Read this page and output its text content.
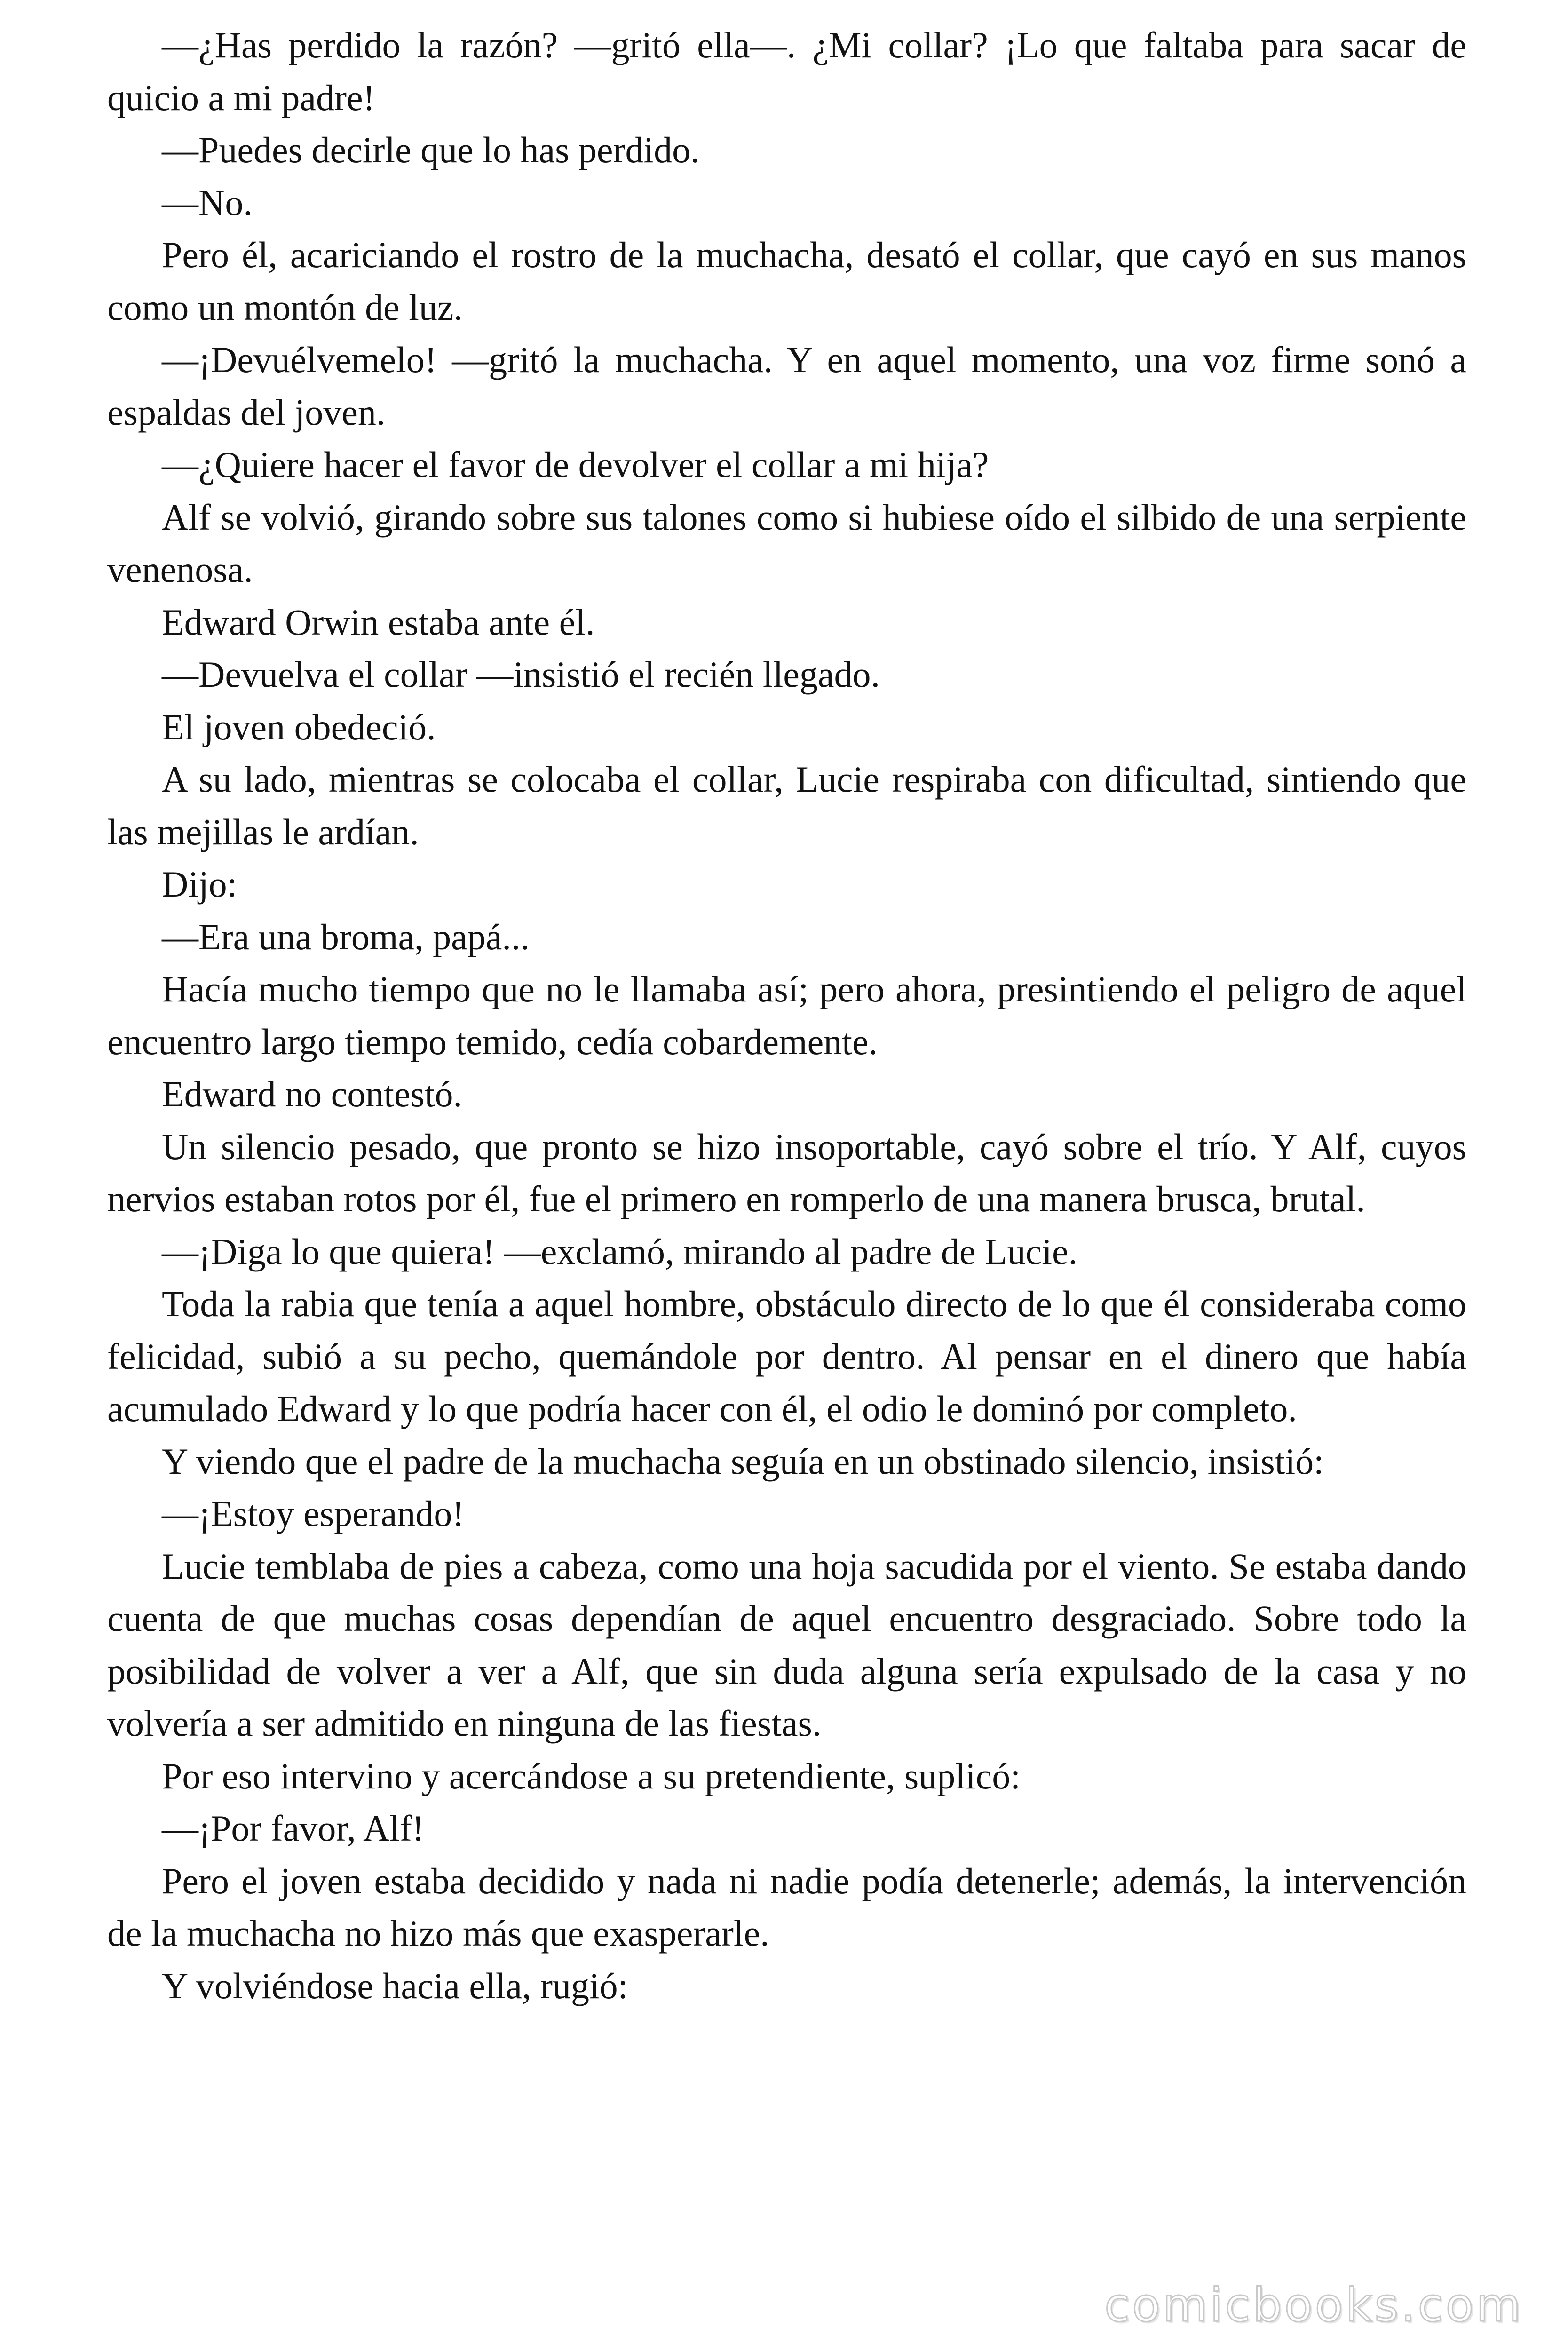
—¿Has perdido la razón? —gritó ella—. ¿Mi collar? ¡Lo que faltaba para sacar de quicio a mi padre!

—Puedes decirle que lo has perdido.

—No.

Pero él, acariciando el rostro de la muchacha, desató el collar, que cayó en sus manos como un montón de luz.

—¡Devuélvemelo! —gritó la muchacha. Y en aquel momento, una voz firme sonó a espaldas del joven.

—¿Quiere hacer el favor de devolver el collar a mi hija?

Alf se volvió, girando sobre sus talones como si hubiese oído el silbido de una serpiente venenosa.

Edward Orwin estaba ante él.

—Devuelva el collar —insistió el recién llegado.

El joven obedeció.

A su lado, mientras se colocaba el collar, Lucie respiraba con dificultad, sintiendo que las mejillas le ardían.

Dijo:

—Era una broma, papá...

Hacía mucho tiempo que no le llamaba así; pero ahora, presintiendo el peligro de aquel encuentro largo tiempo temido, cedía cobardemente.

Edward no contestó.

Un silencio pesado, que pronto se hizo insoportable, cayó sobre el trío. Y Alf, cuyos nervios estaban rotos por él, fue el primero en romperlo de una manera brusca, brutal.

—¡Diga lo que quiera! —exclamó, mirando al padre de Lucie.

Toda la rabia que tenía a aquel hombre, obstáculo directo de lo que él consideraba como felicidad, subió a su pecho, quemándole por dentro. Al pensar en el dinero que había acumulado Edward y lo que podría hacer con él, el odio le dominó por completo.

Y viendo que el padre de la muchacha seguía en un obstinado silencio, insistió:

—¡Estoy esperando!

Lucie temblaba de pies a cabeza, como una hoja sacudida por el viento. Se estaba dando cuenta de que muchas cosas dependían de aquel encuentro desgraciado. Sobre todo la posibilidad de volver a ver a Alf, que sin duda alguna sería expulsado de la casa y no volvería a ser admitido en ninguna de las fiestas.

Por eso intervino y acercándose a su pretendiente, suplicó:

—¡Por favor, Alf!

Pero el joven estaba decidido y nada ni nadie podía detenerle; además, la intervención de la muchacha no hizo más que exasperarle.

Y volviéndose hacia ella, rugió:

comicbooks.com
